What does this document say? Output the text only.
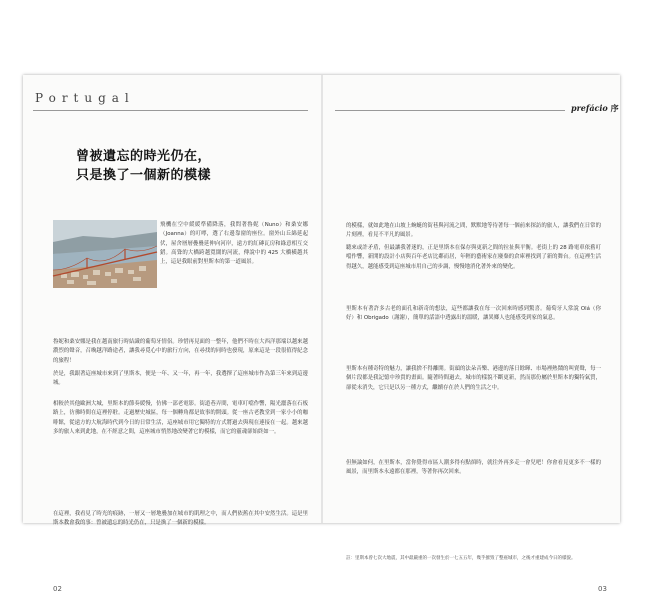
Portugal
prefácio 序
曾被遺忘的時光仍在，
只是換了一個新的模樣
飛機在空中緩緩準備降落，我問著魯妮（Nuno）和桑安娜（Joanna）的叮嚀，選了右邊靠窗的座位。窗外山丘綿延起伏，屋舍層層疊疊延伸向河岸，遠方的紅磚瓦房和綠意相互交錯。高聳的大橋跨越寬闊的河流，傳說中的 425 大橋橫越其上，這是我眼前對里斯本的第一道風景。
魯妮和桑安娜是我在越南旅行時結識的葡萄牙情侶。珍惜再見面的一整年，他們不時在大西洋那端以越來越濃烈的聲音，召喚越洋路途者，讓我尋覓心中的旅行方向，在尋找的同時也發現，原來這是一段很值得紀念的旅程！
於是，我跟著這座城市來到了里斯本，便是一年、又一年，再一年，我選擇了這座城市作為第三年來到這邊城。
相較於其他歐洲大城，里斯本的節奏緩慢，仿佛一部老電影。街道巷弄間，電車叮噹作響，陽光灑落在石板路上，彷彿時間在這裡停駐。走過歷史城區，每一個轉角都是故事的開頭。從一座古老教堂到一家小小的咖啡館，從遠方的大航海時代到今日的日常生活，這座城市用它獨特的方式將過去與現在連接在一起。越來越多的旅人來到此地，在不經意之間，這座城市悄然地改變著它的模樣，而它的靈魂卻始終如一。
在這裡，我看見了時光的痕跡，一層又一層地疊加在城市的肌理之中，而人們依舊在其中安然生活。這是里斯本教會我的事：曾被遺忘的時光仍在，只是換了一個新的模樣。
的模樣，就如此地在山坡上蜿蜒的街巷與河流之間，默默地等待著每一個前來探訪的旅人，讓我們在日常的片刻裡，看見不平凡的風景。
聽來或許矛盾，但最讓我著迷的，正是里斯本在保存與更新之間的拉扯與平衡。老街上的 28 路電車依舊叮噹作響，新開的設計小店與百年老店比鄰而居，年輕的藝術家在廢棄的倉庫裡找到了新的舞台。在這裡生活得越久，越能感受到這座城市用自己的步調，慢慢地消化著外來的變化。
里斯本有著許多古老的面孔和新奇的想法，這些都讓我在每一次回來時感到驚喜。葡萄牙人常說 Olá（你好）和 Obrigado（謝謝），簡單的話語中透露出的溫暖，讓異鄉人也能感受到家的氣息。
里斯本有種奇特的魅力，讓我捨不得離開。街頭的法朵音樂、港邊的落日餘暉、市場裡熱鬧的叫賣聲，每一個片段都是我記憶中珍貴的畫面。隨著時間過去，城市的樣貌不斷更新，然而那份屬於里斯本的獨特氣質，卻從未消失，它只是以另一種方式，繼續存在於人們的生活之中。
但無論如何，在里斯本，當你覺得市區人潮多得有點煩時，就往外再多走一會兒吧！你會看見更多不一樣的風景，而里斯本永遠都在那裡，等著你再次回來。
註：里斯本曾七次大地震，其中最嚴重的一次發生於一七五五年，幾乎摧毀了整座城市，之後才重建成今日的樣貌。
02	03
